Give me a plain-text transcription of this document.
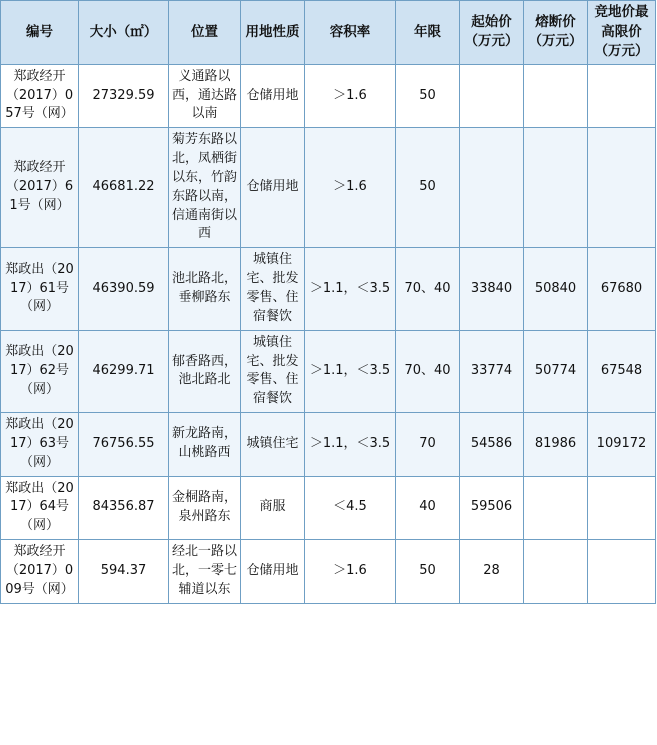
编号	大小（㎡）	位置	用地性质	容积率	年限	起始价（万元）	熔断价（万元）	竞地价最高限价（万元）
郑政经开（2017）057号（网）	27329.59	义通路以西，通达路以南	仓储用地	＞1.6	50			
郑政经开（2017）61号（网）	46681.22	菊芳东路以北，凤栖街以东，竹韵东路以南，信通南街以西	仓储用地	＞1.6	50			
郑政出（2017）61号（网）	46390.59	池北路北，垂柳路东	城镇住宅、批发零售、住宿餐饮	＞1.1，＜3.5	70、40	33840	50840	67680
郑政出（2017）62号（网）	46299.71	郁香路西，池北路北	城镇住宅、批发零售、住宿餐饮	＞1.1，＜3.5	70、40	33774	50774	67548
郑政出（2017）63号（网）	76756.55	新龙路南，山桃路西	城镇住宅	＞1.1，＜3.5	70	54586	81986	109172
郑政出（2017）64号（网）	84356.87	金桐路南，泉州路东	商服	＜4.5	40	59506		
郑政经开（2017）009号（网）	594.37	经北一路以北，一零七辅道以东	仓储用地	＞1.6	50	28		
